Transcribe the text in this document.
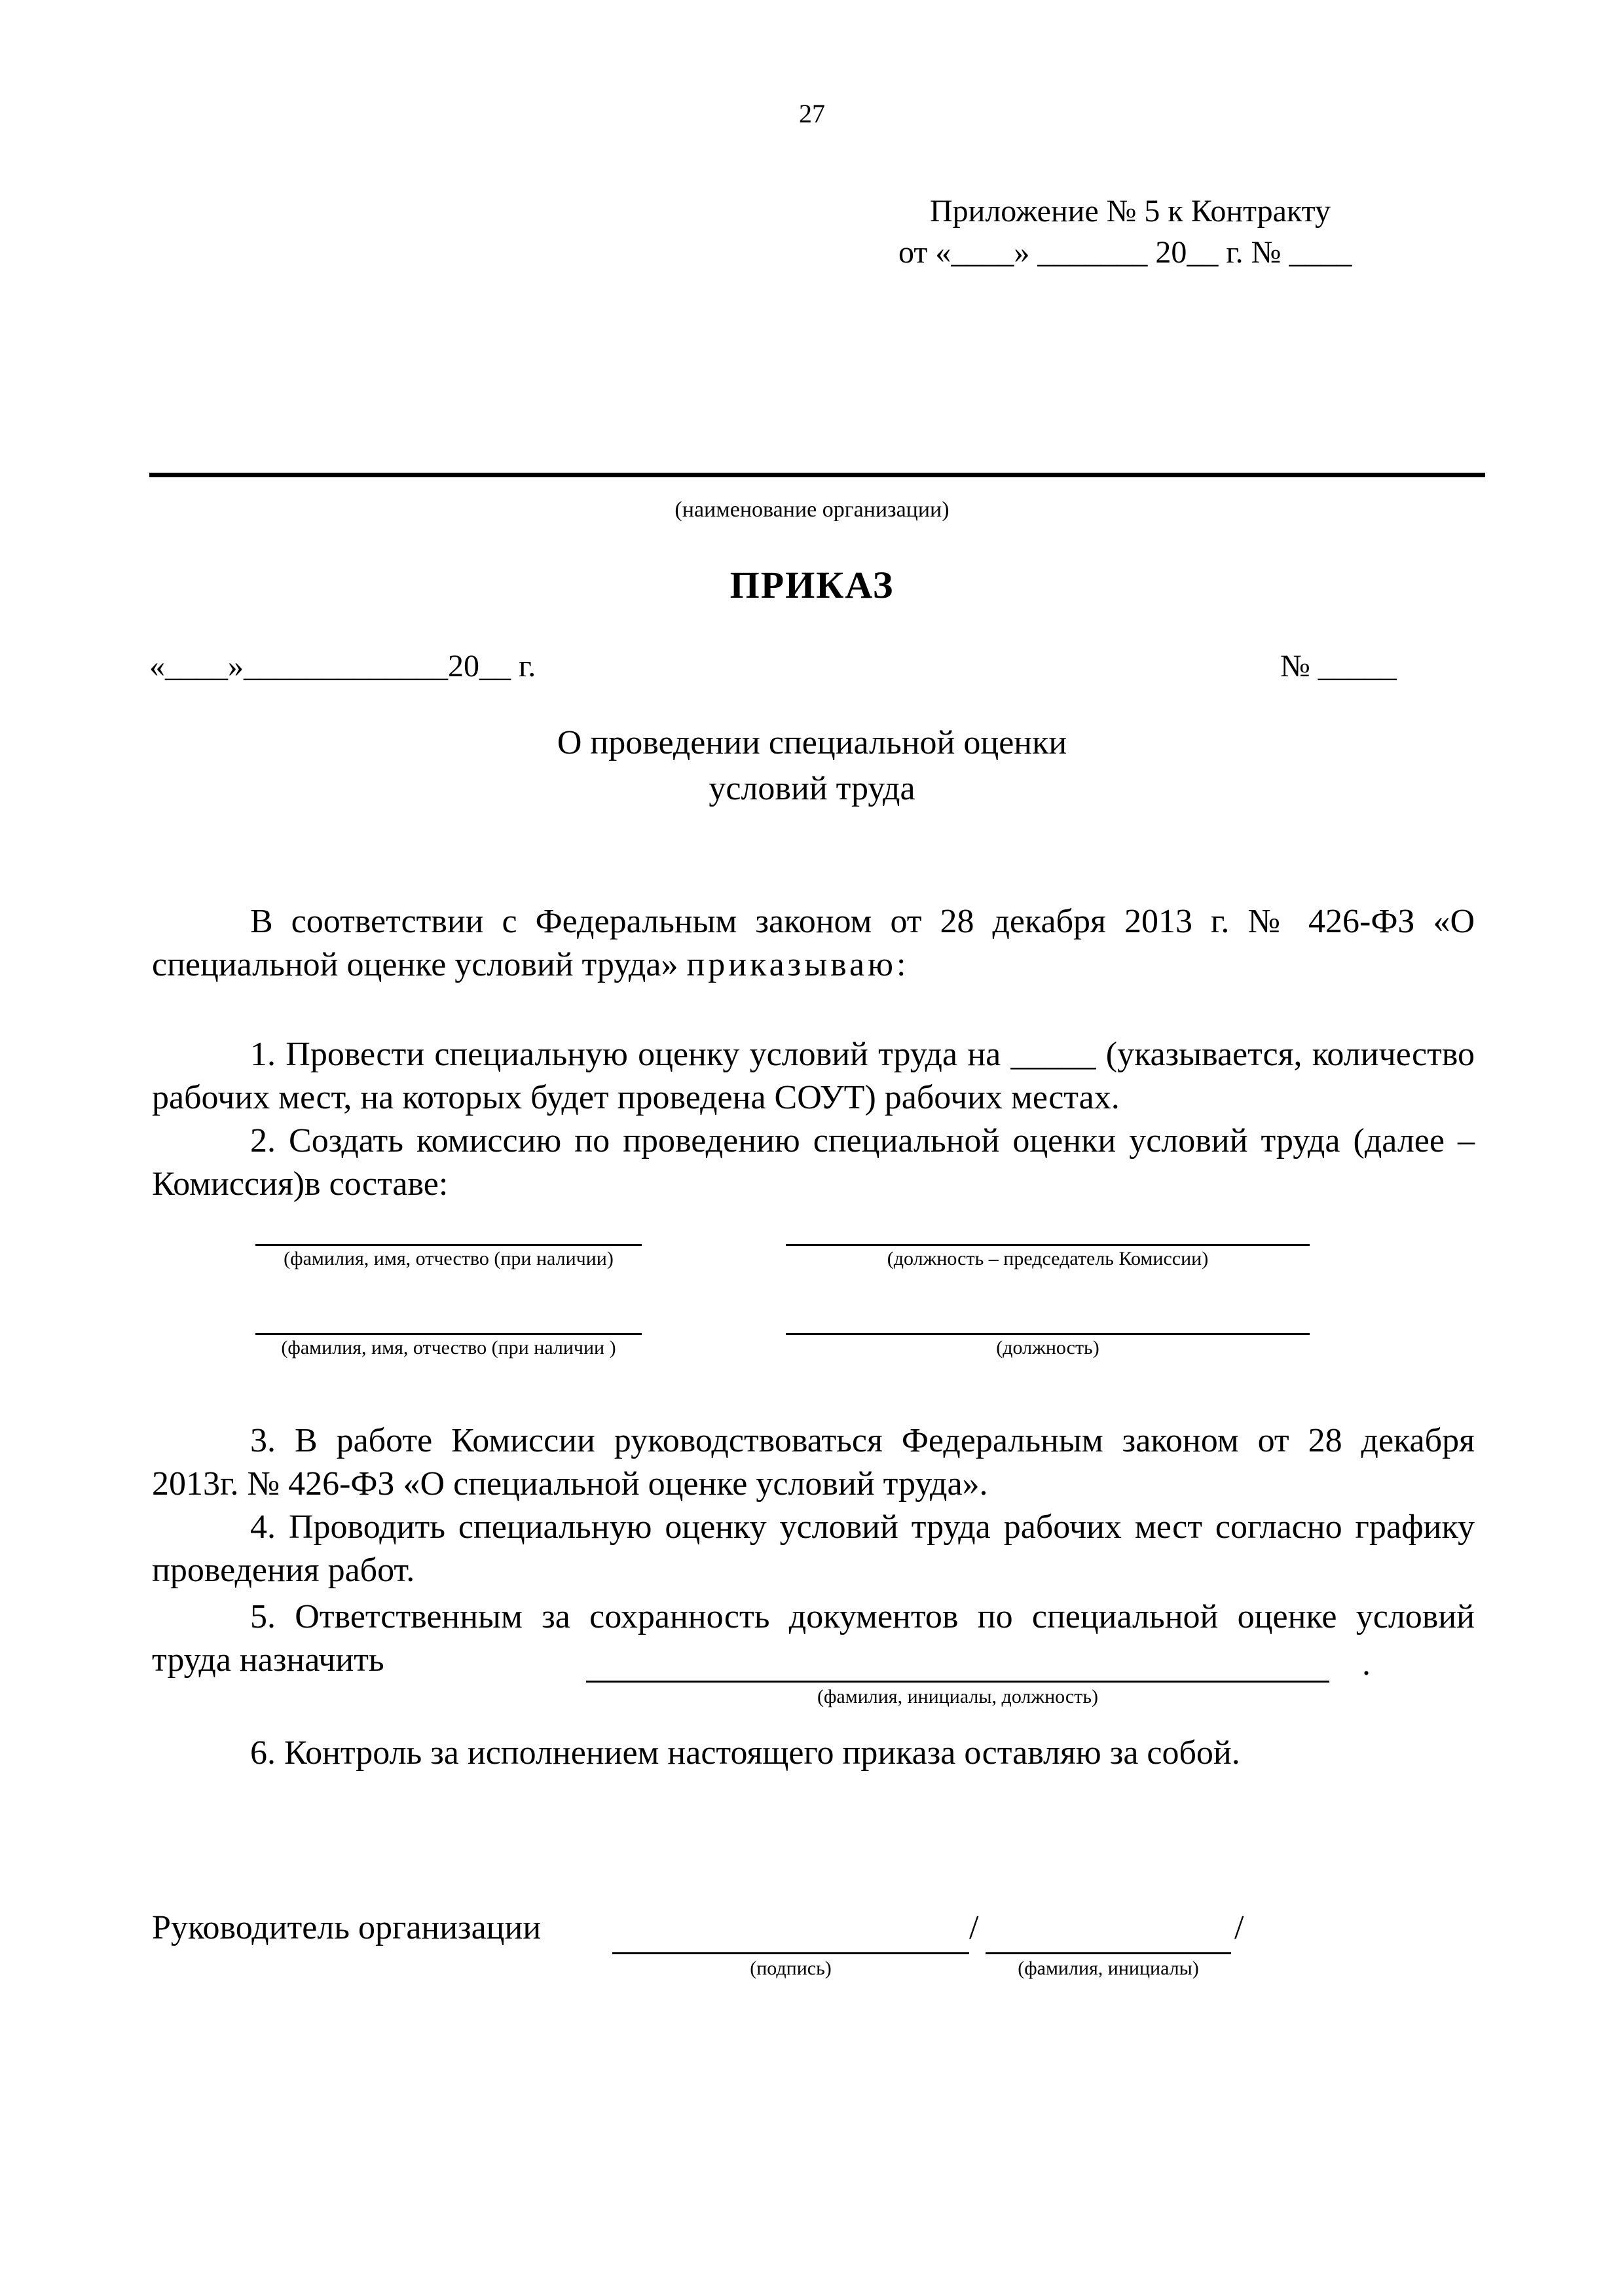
27
Приложение № 5 к Контракту
от «____» _______ 20__ г. № ____
(наименование организации)
ПРИКАЗ
«____»_____________20__ г.	№ _____
О проведении специальной оценки
условий труда
В соответствии с Федеральным законом от 28 декабря 2013 г. № 426-ФЗ «О специальной оценке условий труда» приказываю:
1. Провести специальную оценку условий труда на _____ (указывается, количество рабочих мест, на которых будет проведена СОУТ) рабочих местах.
2. Создать комиссию по проведению специальной оценки условий труда (далее – Комиссия)в составе:
(фамилия, имя, отчество (при наличии)	(должность – председатель Комиссии)
(фамилия, имя, отчество (при наличии )	(должность)
3. В работе Комиссии руководствоваться Федеральным законом от 28 декабря 2013г. № 426-ФЗ «О специальной оценке условий труда».
4. Проводить специальную оценку условий труда рабочих мест согласно графику проведения работ.
5. Ответственным за сохранность документов по специальной оценке условий труда назначить	.
(фамилия, инициалы, должность)
6. Контроль за исполнением настоящего приказа оставляю за собой.
Руководитель организации	/	/
(подпись)	(фамилия, инициалы)
